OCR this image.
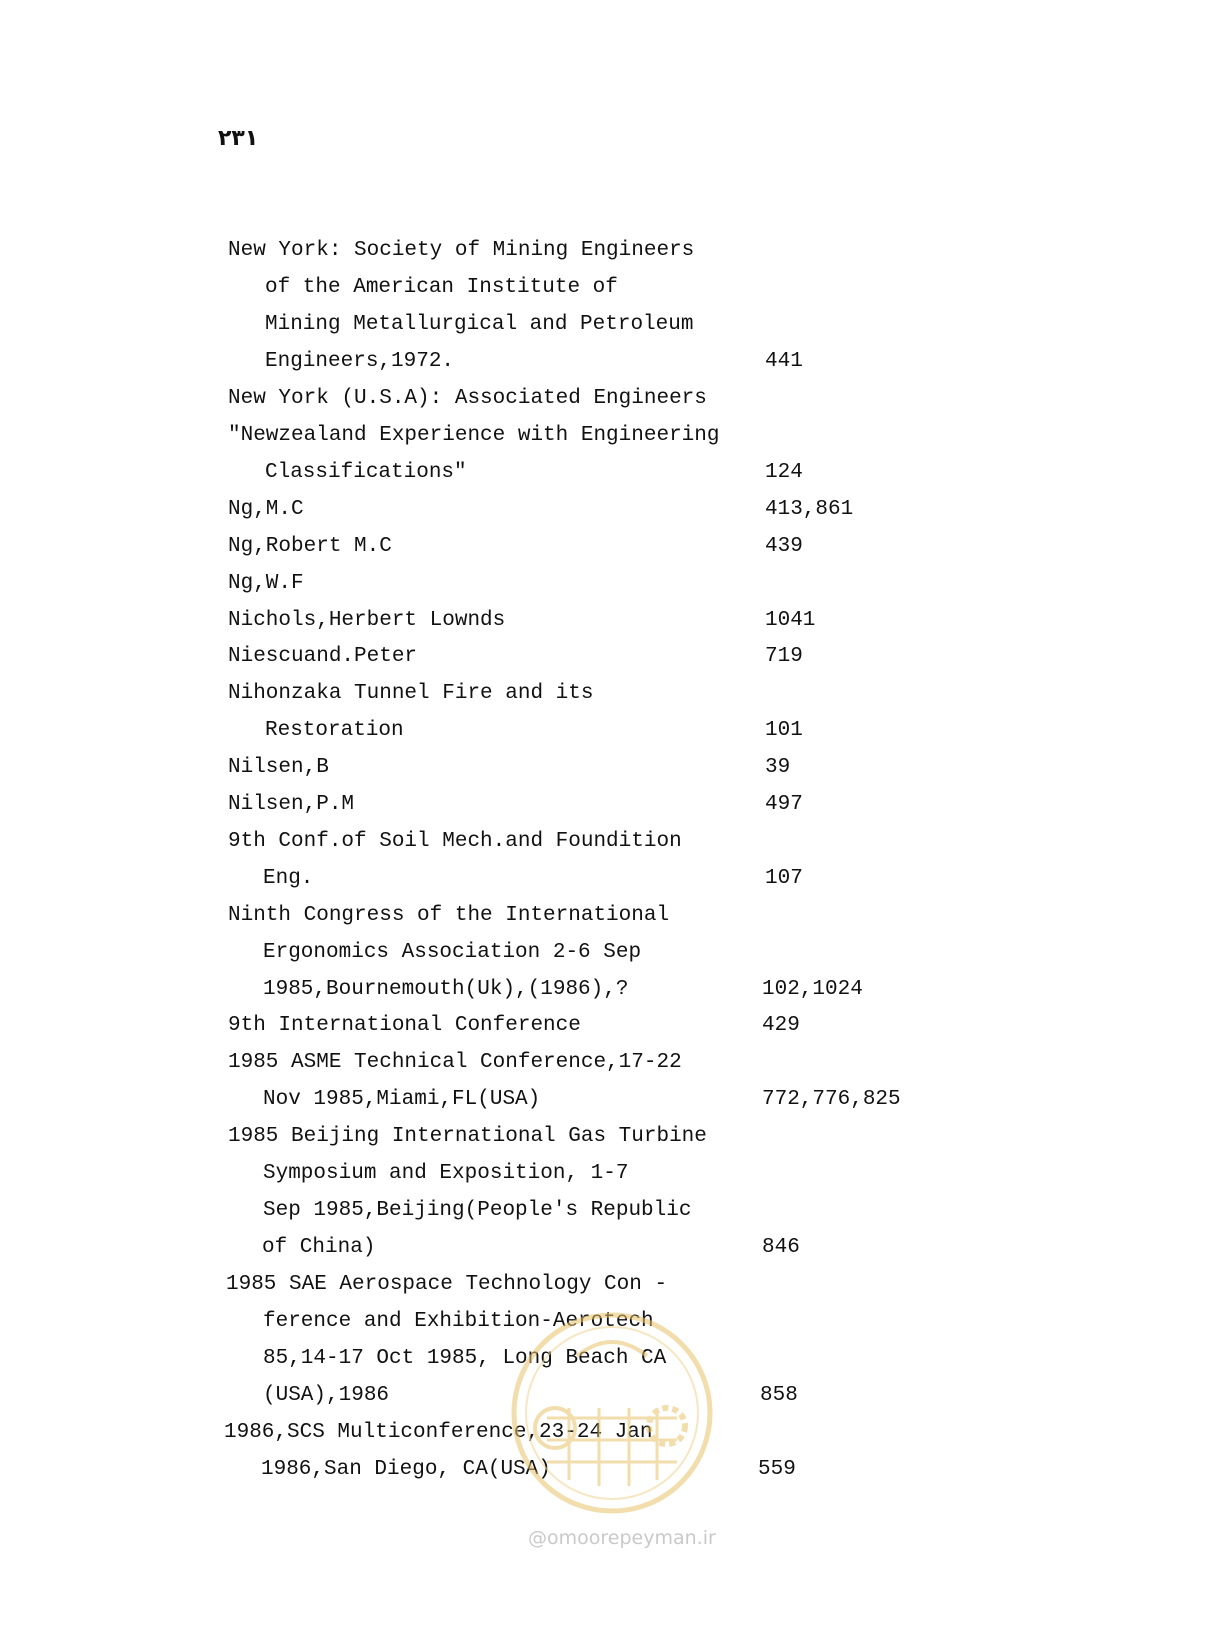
۲۳۱
New York: Society of Mining Engineers
of the American Institute of
Mining Metallurgical and Petroleum
Engineers,1972.	441
New York (U.S.A): Associated Engineers
"Newzealand Experience with Engineering
Classifications"	124
Ng,M.C	413,861
Ng,Robert M.C	439
Ng,W.F
Nichols,Herbert Lownds	1041
Niescuand.Peter	719
Nihonzaka Tunnel Fire and its
Restoration	101
Nilsen,B	39
Nilsen,P.M	497
9th Conf.of Soil Mech.and Foundition
Eng.	107
Ninth Congress of the International
Ergonomics Association 2-6 Sep
1985,Bournemouth(Uk),(1986),?	102,1024
9th International Conference	429
1985 ASME Technical Conference,17-22
Nov 1985,Miami,FL(USA)	772,776,825
1985 Beijing International Gas Turbine
Symposium and Exposition, 1-7
Sep 1985,Beijing(People's Republic
of China)	846
1985 SAE Aerospace Technology Con -
ference and Exhibition-Aerotech
85,14-17 Oct 1985, Long Beach CA
(USA),1986	858
1986,SCS Multiconference,23-24 Jan
1986,San Diego, CA(USA)	559
@omoorepeyman.ir
